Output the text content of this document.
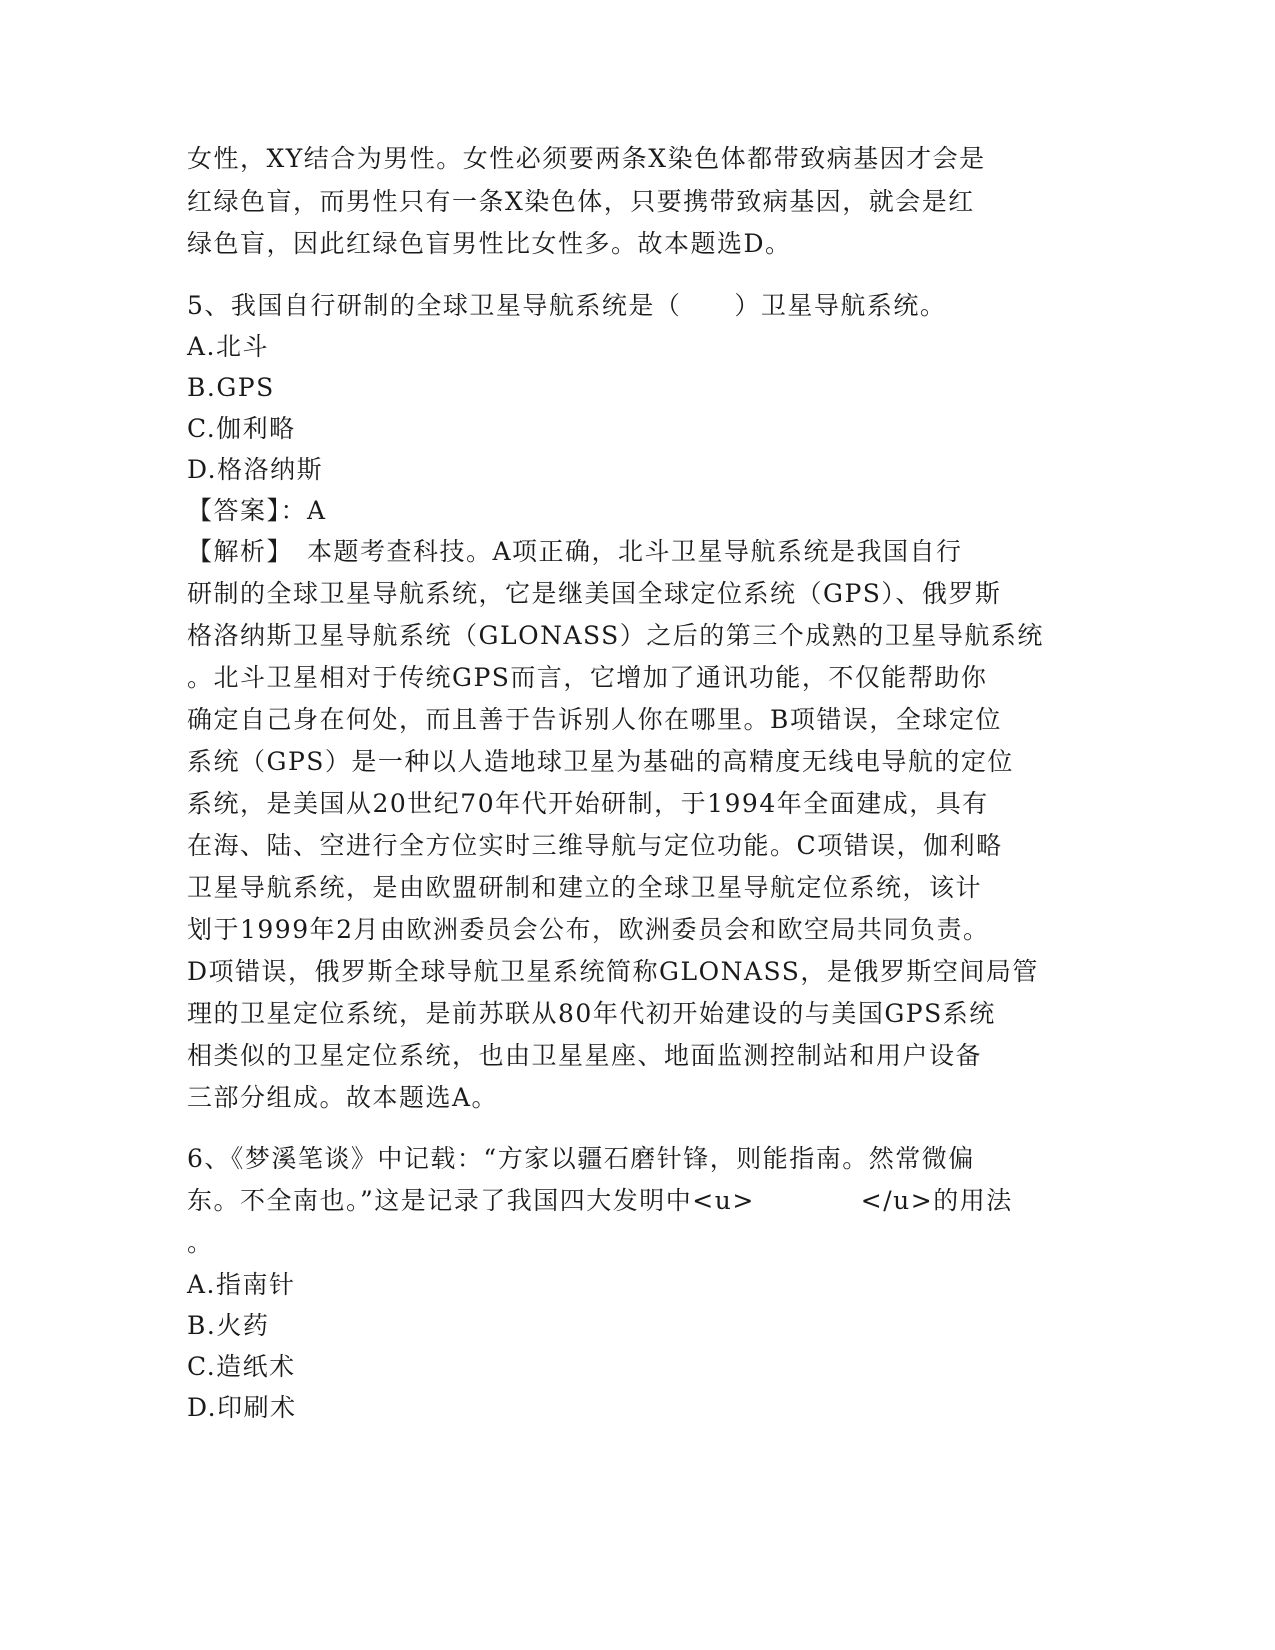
女性，XY结合为男性。女性必须要两条X染色体都带致病基因才会是
红绿色盲，而男性只有一条X染色体，只要携带致病基因，就会是红
绿色盲，因此红绿色盲男性比女性多。故本题选D。
5、我国自行研制的全球卫星导航系统是（　　）卫星导航系统。
A.北斗
B.GPS
C.伽利略
D.格洛纳斯
【答案】：A
【解析】　本题考查科技。A项正确，北斗卫星导航系统是我国自行
研制的全球卫星导航系统，它是继美国全球定位系统（GPS）、俄罗斯
格洛纳斯卫星导航系统（GLONASS）之后的第三个成熟的卫星导航系统
。北斗卫星相对于传统GPS而言，它增加了通讯功能，不仅能帮助你
确定自己身在何处，而且善于告诉别人你在哪里。B项错误，全球定位
系统（GPS）是一种以人造地球卫星为基础的高精度无线电导航的定位
系统，是美国从20世纪70年代开始研制，于1994年全面建成，具有
在海、陆、空进行全方位实时三维导航与定位功能。C项错误，伽利略
卫星导航系统，是由欧盟研制和建立的全球卫星导航定位系统，该计
划于1999年2月由欧洲委员会公布，欧洲委员会和欧空局共同负责。
D项错误，俄罗斯全球导航卫星系统简称GLONASS，是俄罗斯空间局管
理的卫星定位系统，是前苏联从80年代初开始建设的与美国GPS系统
相类似的卫星定位系统，也由卫星星座、地面监测控制站和用户设备
三部分组成。故本题选A。
6、《梦溪笔谈》中记载：“方家以疆石磨针锋，则能指南。然常微偏
东。不全南也。”这是记录了我国四大发明中<u>　　　　</u>的用法
。
A.指南针
B.火药
C.造纸术
D.印刷术
